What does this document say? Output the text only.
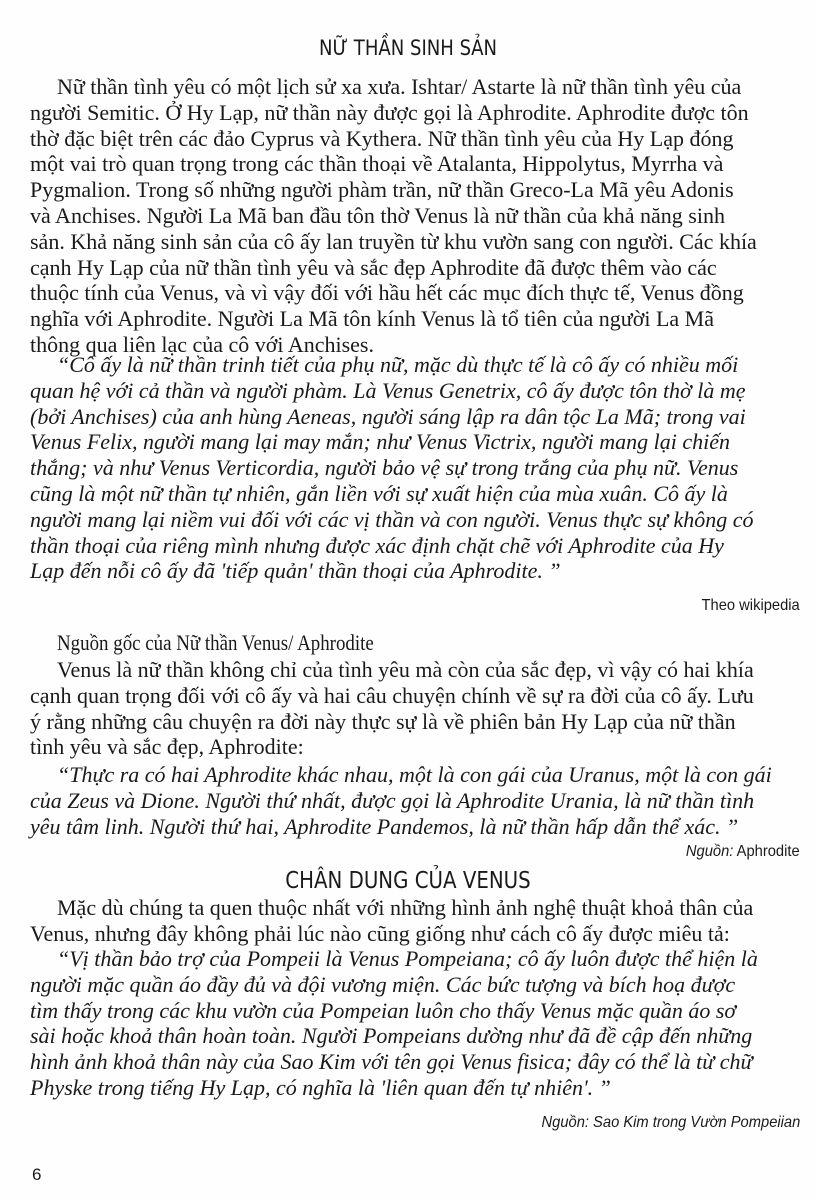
NỮ THẦN SINH SẢN
Nữ thần tình yêu có một lịch sử xa xưa. Ishtar/ Astarte là nữ thần tình yêu của
người Semitic. Ở Hy Lạp, nữ thần này được gọi là Aphrodite. Aphrodite được tôn
thờ đặc biệt trên các đảo Cyprus và Kythera. Nữ thần tình yêu của Hy Lạp đóng
một vai trò quan trọng trong các thần thoại về Atalanta, Hippolytus, Myrrha và
Pygmalion. Trong số những người phàm trần, nữ thần Greco-La Mã yêu Adonis
và Anchises. Người La Mã ban đầu tôn thờ Venus là nữ thần của khả năng sinh
sản. Khả năng sinh sản của cô ấy lan truyền từ khu vườn sang con người. Các khía
cạnh Hy Lạp của nữ thần tình yêu và sắc đẹp Aphrodite đã được thêm vào các
thuộc tính của Venus, và vì vậy đối với hầu hết các mục đích thực tế, Venus đồng
nghĩa với Aphrodite. Người La Mã tôn kính Venus là tổ tiên của người La Mã
thông qua liên lạc của cô với Anchises.
“Cô ấy là nữ thần trinh tiết của phụ nữ, mặc dù thực tế là cô ấy có nhiều mối
quan hệ với cả thần và người phàm. Là Venus Genetrix, cô ấy được tôn thờ là mẹ
(bởi Anchises) của anh hùng Aeneas, người sáng lập ra dân tộc La Mã; trong vai
Venus Felix, người mang lại may mắn; như Venus Victrix, người mang lại chiến
thắng; và như Venus Verticordia, người bảo vệ sự trong trắng của phụ nữ. Venus
cũng là một nữ thần tự nhiên, gắn liền với sự xuất hiện của mùa xuân. Cô ấy là
người mang lại niềm vui đối với các vị thần và con người. Venus thực sự không có
thần thoại của riêng mình nhưng được xác định chặt chẽ với Aphrodite của Hy
Lạp đến nỗi cô ấy đã 'tiếp quản' thần thoại của Aphrodite. ”
Theo wikipedia
Nguồn gốc của Nữ thần Venus/ Aphrodite
Venus là nữ thần không chỉ của tình yêu mà còn của sắc đẹp, vì vậy có hai khía
cạnh quan trọng đối với cô ấy và hai câu chuyện chính về sự ra đời của cô ấy. Lưu
ý rằng những câu chuyện ra đời này thực sự là về phiên bản Hy Lạp của nữ thần
tình yêu và sắc đẹp, Aphrodite:
“Thực ra có hai Aphrodite khác nhau, một là con gái của Uranus, một là con gái
của Zeus và Dione. Người thứ nhất, được gọi là Aphrodite Urania, là nữ thần tình
yêu tâm linh. Người thứ hai, Aphrodite Pandemos, là nữ thần hấp dẫn thể xác. ”
Nguồn: Aphrodite
CHÂN DUNG CỦA VENUS
Mặc dù chúng ta quen thuộc nhất với những hình ảnh nghệ thuật khoả thân của
Venus, nhưng đây không phải lúc nào cũng giống như cách cô ấy được miêu tả:
“Vị thần bảo trợ của Pompeii là Venus Pompeiana; cô ấy luôn được thể hiện là
người mặc quần áo đầy đủ và đội vương miện. Các bức tượng và bích hoạ được
tìm thấy trong các khu vườn của Pompeian luôn cho thấy Venus mặc quần áo sơ
sài hoặc khoả thân hoàn toàn. Người Pompeians dường như đã đề cập đến những
hình ảnh khoả thân này của Sao Kim với tên gọi Venus fisica; đây có thể là từ chữ
Physke trong tiếng Hy Lạp, có nghĩa là 'liên quan đến tự nhiên'. ”
Nguồn: Sao Kim trong Vườn Pompeiian
6
